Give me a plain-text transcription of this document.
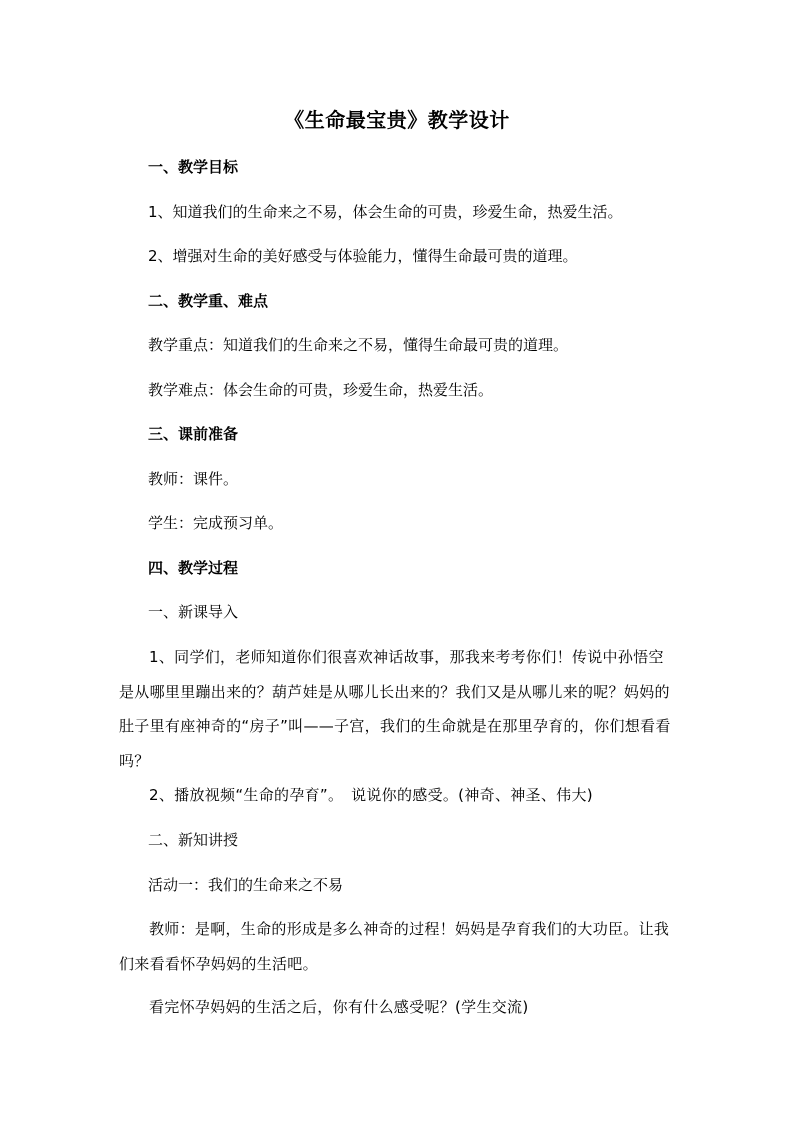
《生命最宝贵》教学设计
一、教学目标
1、知道我们的生命来之不易，体会生命的可贵，珍爱生命，热爱生活。
2、增强对生命的美好感受与体验能力，懂得生命最可贵的道理。
二、教学重、难点
教学重点：知道我们的生命来之不易，懂得生命最可贵的道理。
教学难点：体会生命的可贵，珍爱生命，热爱生活。
三、课前准备
教师：课件。
学生：完成预习单。
四、教学过程
一、新课导入
1、同学们，老师知道你们很喜欢神话故事，那我来考考你们！传说中孙悟空是从哪里里蹦出来的？葫芦娃是从哪儿长出来的？我们又是从哪儿来的呢？妈妈的肚子里有座神奇的“房子”叫——子宫，我们的生命就是在那里孕育的，你们想看看吗？
2、播放视频“生命的孕育”。　说说你的感受。(神奇、神圣、伟大)
二、新知讲授
活动一：我们的生命来之不易
教师：是啊，生命的形成是多么神奇的过程！妈妈是孕育我们的大功臣。让我们来看看怀孕妈妈的生活吧。
看完怀孕妈妈的生活之后，你有什么感受呢？(学生交流)
